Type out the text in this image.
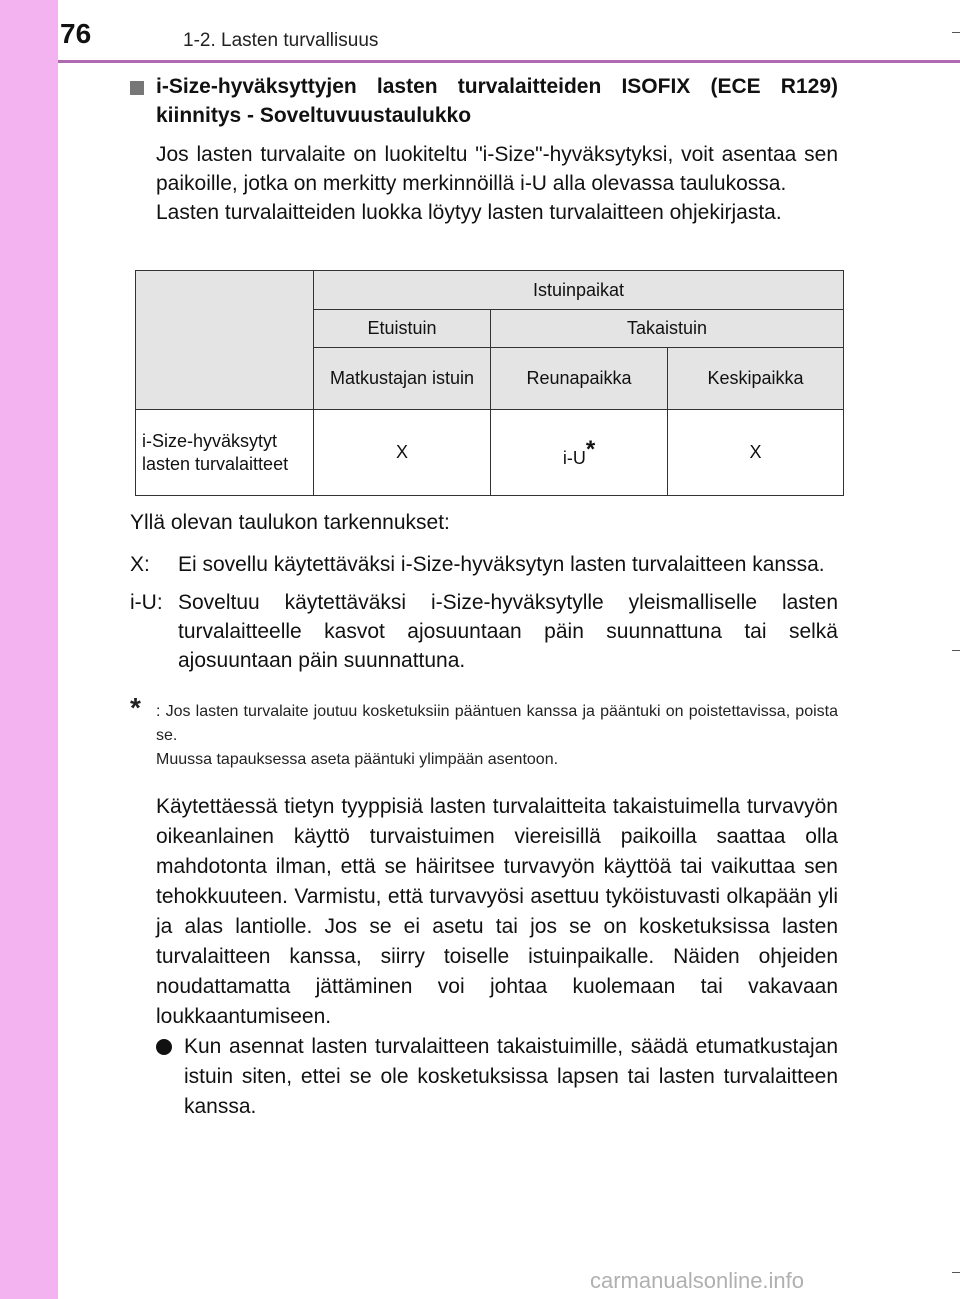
76	1-2. Lasten turvallisuus
i-Size-hyväksyttyjen lasten turvalaitteiden ISOFIX (ECE R129) kiinnitys - Soveltuvuustaulukko

Jos lasten turvalaite on luokiteltu "i-Size"-hyväksytyksi, voit asentaa sen paikoille, jotka on merkitty merkinnöillä i-U alla olevassa taulukossa.

Lasten turvalaitteiden luokka löytyy lasten turvalaitteen ohjekirjasta.

	Istuinpaikat		
	Etuistuin	Takaistuin	
	Matkustajan istuin	Reunapaikka	Keskipaikka
i-Size-hyväksytyt lasten turvalaitteet	X	i-U*	X

Yllä olevan taulukon tarkennukset:

X: Ei sovellu käytettäväksi i-Size-hyväksytyn lasten turvalaitteen kanssa.
i-U: Soveltuu käytettäväksi i-Size-hyväksytylle yleismalliselle lasten turvalaitteelle kasvot ajosuuntaan päin suunnattuna tai selkä ajosuuntaan päin suunnattuna.
* : Jos lasten turvalaite joutuu kosketuksiin pääntuen kanssa ja pääntuki on poistettavissa, poista se.
Muussa tapauksessa aseta pääntuki ylimpään asentoon.

Käytettäessä tietyn tyyppisiä lasten turvalaitteita takaistuimella turvavyön oikeanlainen käyttö turvaistuimen viereisillä paikoilla saattaa olla mahdotonta ilman, että se häiritsee turvavyön käyttöä tai vaikuttaa sen tehokkuuteen. Varmistu, että turvavyösi asettuu tyköistuvasti olkapään yli ja alas lantiolle. Jos se ei asetu tai jos se on kosketuksissa lasten turvalaitteen kanssa, siirry toiselle istuinpaikalle. Näiden ohjeiden noudattamatta jättäminen voi johtaa kuolemaan tai vakavaan loukkaantumiseen.

Kun asennat lasten turvalaitteen takaistuimille, säädä etumatkustajan istuin siten, ettei se ole kosketuksissa lapsen tai lasten turvalaitteen kanssa.
carmanualsonline.info
